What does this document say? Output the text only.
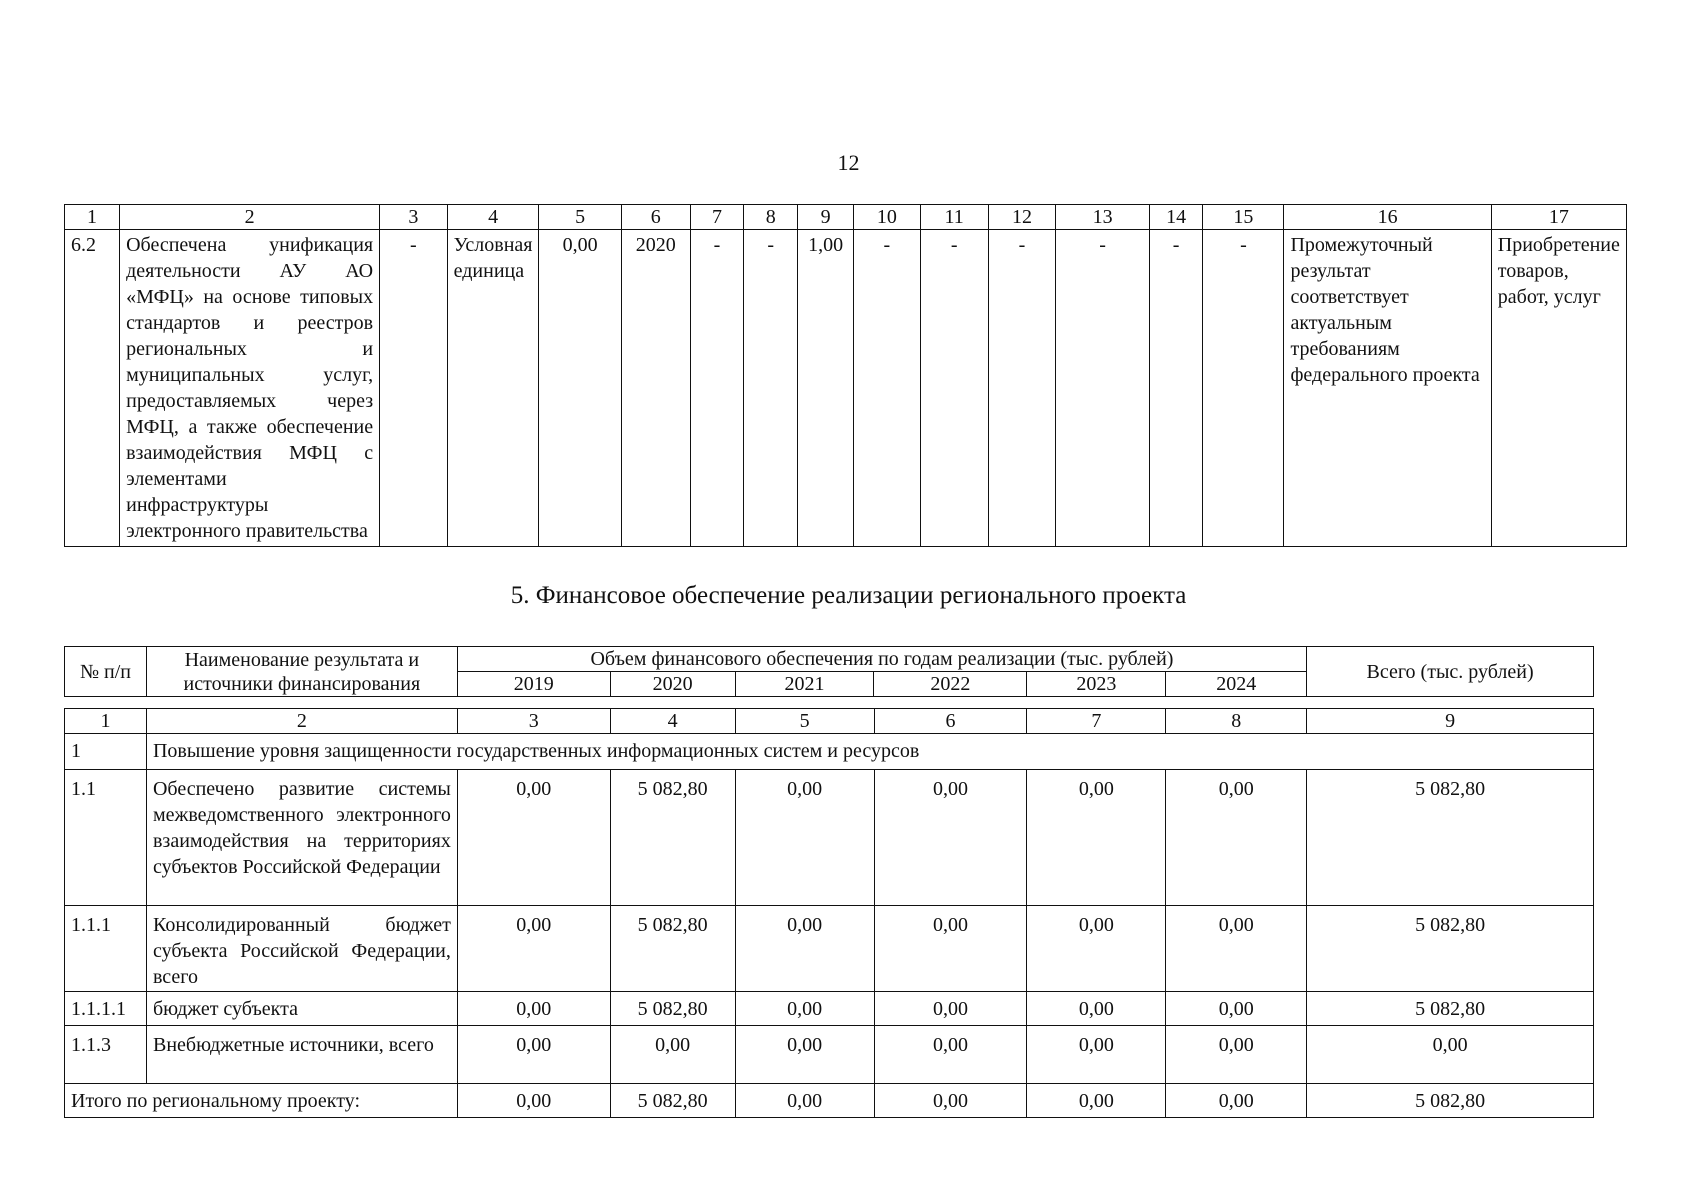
12
1	2	3	4	5	6	7	8	9	10	11	12	13	14	15	16	17
6.2	Обеспечена унификация деятельности АУ АО «МФЦ» на основе типовых стандартов и реестров региональных и муниципальных услуг, предоставляемых через МФЦ, а также обеспечение взаимодействия МФЦ с элементами инфраструктуры электронного правительства	-	Условная единица	0,00	2020	-	-	1,00	-	-	-	-	-	-	Промежуточный результат соответствует актуальным требованиям федерального проекта	Приобретение товаров, работ, услуг
5. Финансовое обеспечение реализации регионального проекта
№ п/п	Наименование результата и источники финансирования	Объем финансового обеспечения по годам реализации (тыс. рублей)						Всего (тыс. рублей)
		2019	2020	2021	2022	2023	2024	
1	2	3	4	5	6	7	8	9
1	Повышение уровня защищенности государственных информационных систем и ресурсов							
1.1	Обеспечено развитие системы межведомственного электронного взаимодействия на территориях субъектов Российской Федерации	0,00	5 082,80	0,00	0,00	0,00	0,00	5 082,80
1.1.1	Консолидированный бюджет субъекта Российской Федерации, всего	0,00	5 082,80	0,00	0,00	0,00	0,00	5 082,80
1.1.1.1	бюджет субъекта	0,00	5 082,80	0,00	0,00	0,00	0,00	5 082,80
1.1.3	Внебюджетные источники, всего	0,00	0,00	0,00	0,00	0,00	0,00	0,00
Итого по региональному проекту:		0,00	5 082,80	0,00	0,00	0,00	0,00	5 082,80
